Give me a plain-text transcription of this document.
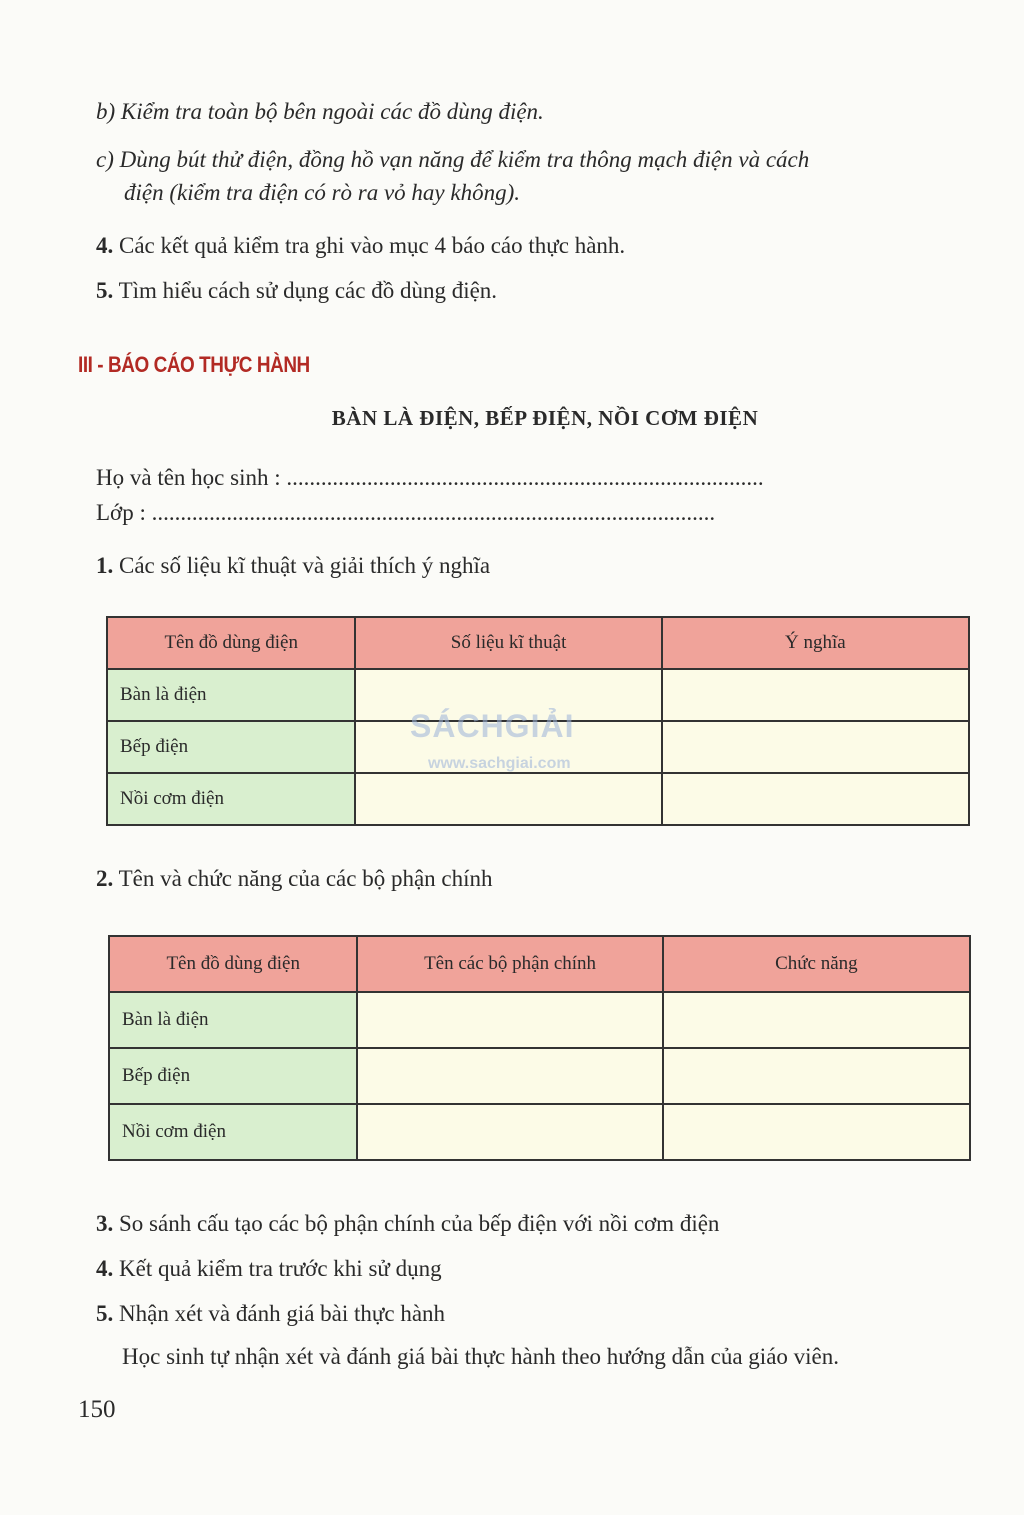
b) Kiểm tra toàn bộ bên ngoài các đồ dùng điện.
c) Dùng bút thử điện, đồng hồ vạn năng để kiểm tra thông mạch điện và cách
điện (kiểm tra điện có rò ra vỏ hay không).
4. Các kết quả kiểm tra ghi vào mục 4 báo cáo thực hành.
5. Tìm hiểu cách sử dụng các đồ dùng điện.
III - BÁO CÁO THỰC HÀNH
BÀN LÀ ĐIỆN, BẾP ĐIỆN, NỒI CƠM ĐIỆN
Họ và tên học sinh : ...................................................................................
Lớp : ..................................................................................................
1. Các số liệu kĩ thuật và giải thích ý nghĩa
Tên đồ dùng điện	Số liệu kĩ thuật	Ý nghĩa
Bàn là điện		
Bếp điện		
Nồi cơm điện		
SÁCHGIẢI
www.sachgiai.com
2. Tên và chức năng của các bộ phận chính
Tên đồ dùng điện	Tên các bộ phận chính	Chức năng
Bàn là điện		
Bếp điện		
Nồi cơm điện		
3. So sánh cấu tạo các bộ phận chính của bếp điện với nồi cơm điện
4. Kết quả kiểm tra trước khi sử dụng
5. Nhận xét và đánh giá bài thực hành
Học sinh tự nhận xét và đánh giá bài thực hành theo hướng dẫn của giáo viên.
150
